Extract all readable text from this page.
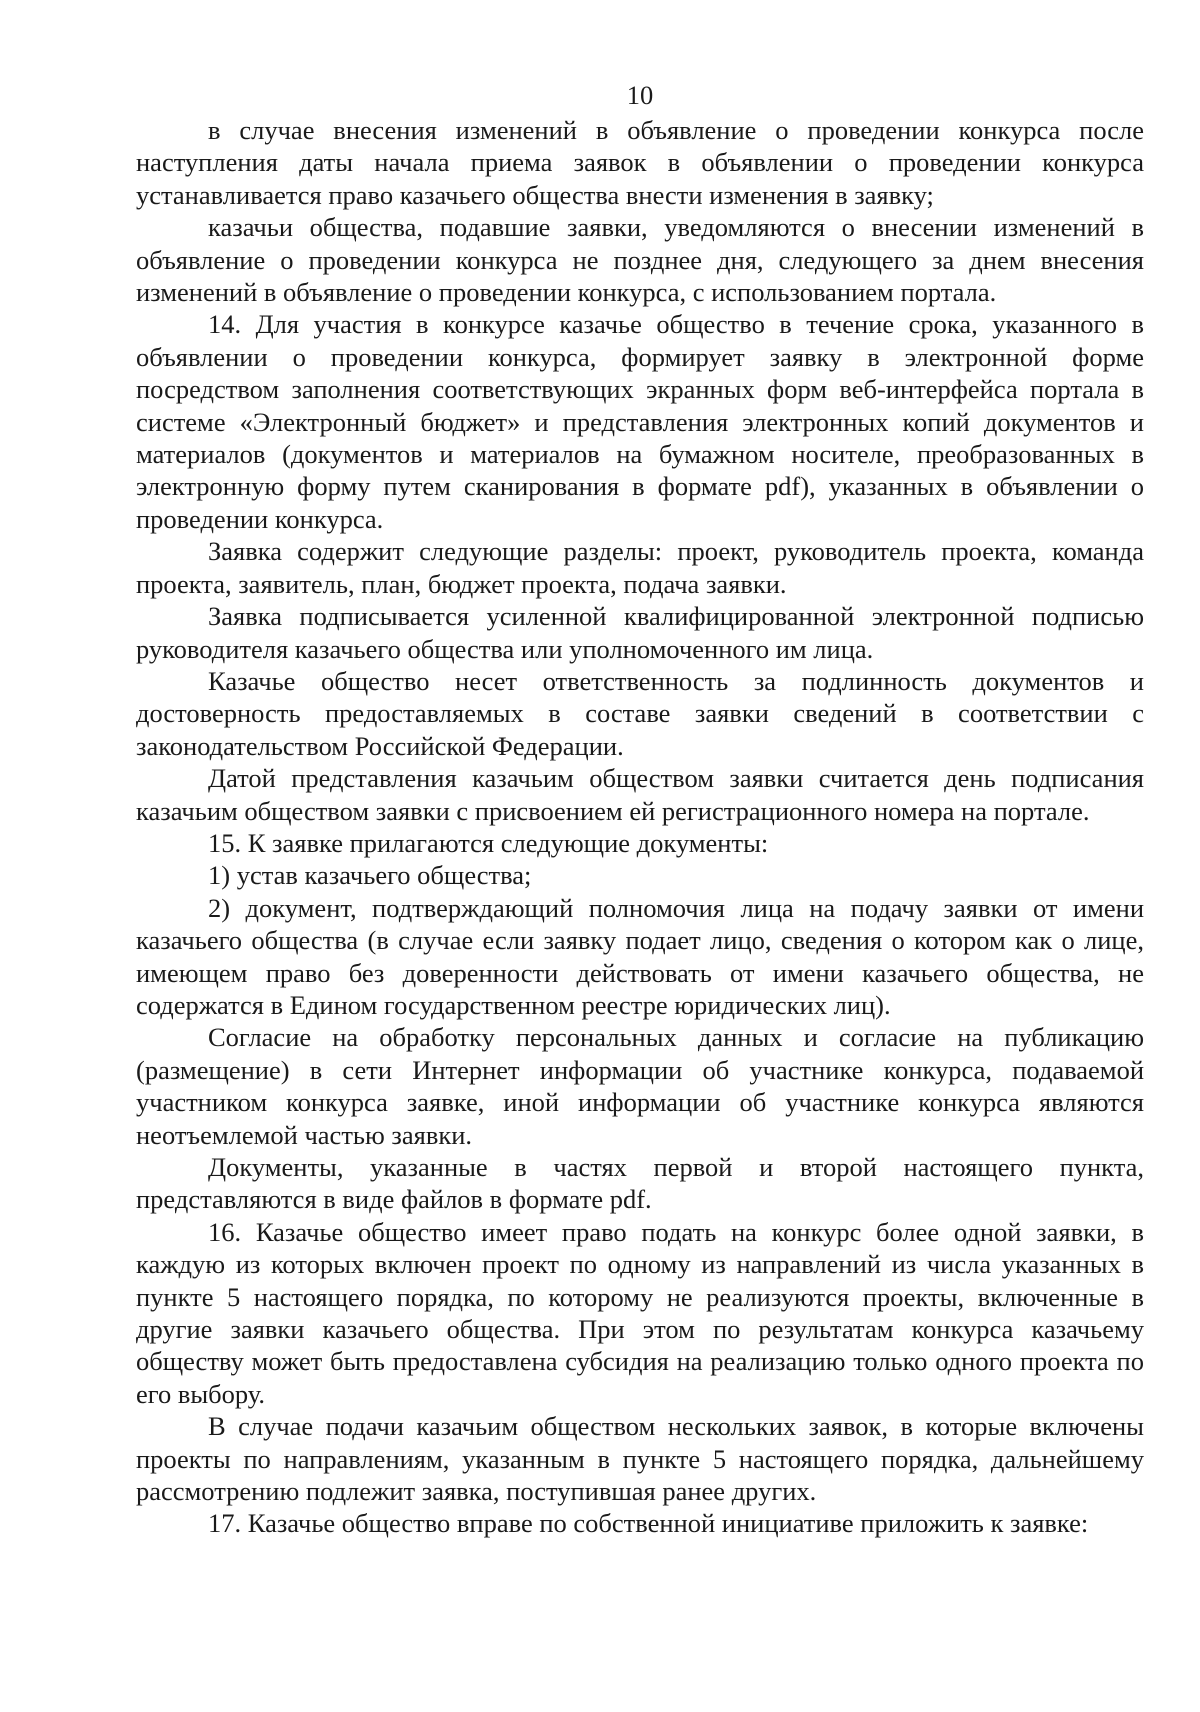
10

в случае внесения изменений в объявление о проведении конкурса после наступления даты начала приема заявок в объявлении о проведении конкурса устанавливается право казачьего общества внести изменения в заявку;

казачьи общества, подавшие заявки, уведомляются о внесении изменений в объявление о проведении конкурса не позднее дня, следующего за днем внесения изменений в объявление о проведении конкурса, с использованием портала.

14. Для участия в конкурсе казачье общество в течение срока, указанного в объявлении о проведении конкурса, формирует заявку в электронной форме посредством заполнения соответствующих экранных форм веб-интерфейса портала в системе «Электронный бюджет» и представления электронных копий документов и материалов (документов и материалов на бумажном носителе, преобразованных в электронную форму путем сканирования в формате pdf), указанных в объявлении о проведении конкурса.

Заявка содержит следующие разделы: проект, руководитель проекта, команда проекта, заявитель, план, бюджет проекта, подача заявки.

Заявка подписывается усиленной квалифицированной электронной подписью руководителя казачьего общества или уполномоченного им лица.

Казачье общество несет ответственность за подлинность документов и достоверность предоставляемых в составе заявки сведений в соответствии с законодательством Российской Федерации.

Датой представления казачьим обществом заявки считается день подписания казачьим обществом заявки с присвоением ей регистрационного номера на портале.

15. К заявке прилагаются следующие документы:

1) устав казачьего общества;

2) документ, подтверждающий полномочия лица на подачу заявки от имени казачьего общества (в случае если заявку подает лицо, сведения о котором как о лице, имеющем право без доверенности действовать от имени казачьего общества, не содержатся в Едином государственном реестре юридических лиц).

Согласие на обработку персональных данных и согласие на публикацию (размещение) в сети Интернет информации об участнике конкурса, подаваемой участником конкурса заявке, иной информации об участнике конкурса являются неотъемлемой частью заявки.

Документы, указанные в частях первой и второй настоящего пункта, представляются в виде файлов в формате pdf.

16. Казачье общество имеет право подать на конкурс более одной заявки, в каждую из которых включен проект по одному из направлений из числа указанных в пункте 5 настоящего порядка, по которому не реализуются проекты, включенные в другие заявки казачьего общества. При этом по результатам конкурса казачьему обществу может быть предоставлена субсидия на реализацию только одного проекта по его выбору.

В случае подачи казачьим обществом нескольких заявок, в которые включены проекты по направлениям, указанным в пункте 5 настоящего порядка, дальнейшему рассмотрению подлежит заявка, поступившая ранее других.

17. Казачье общество вправе по собственной инициативе приложить к заявке:
